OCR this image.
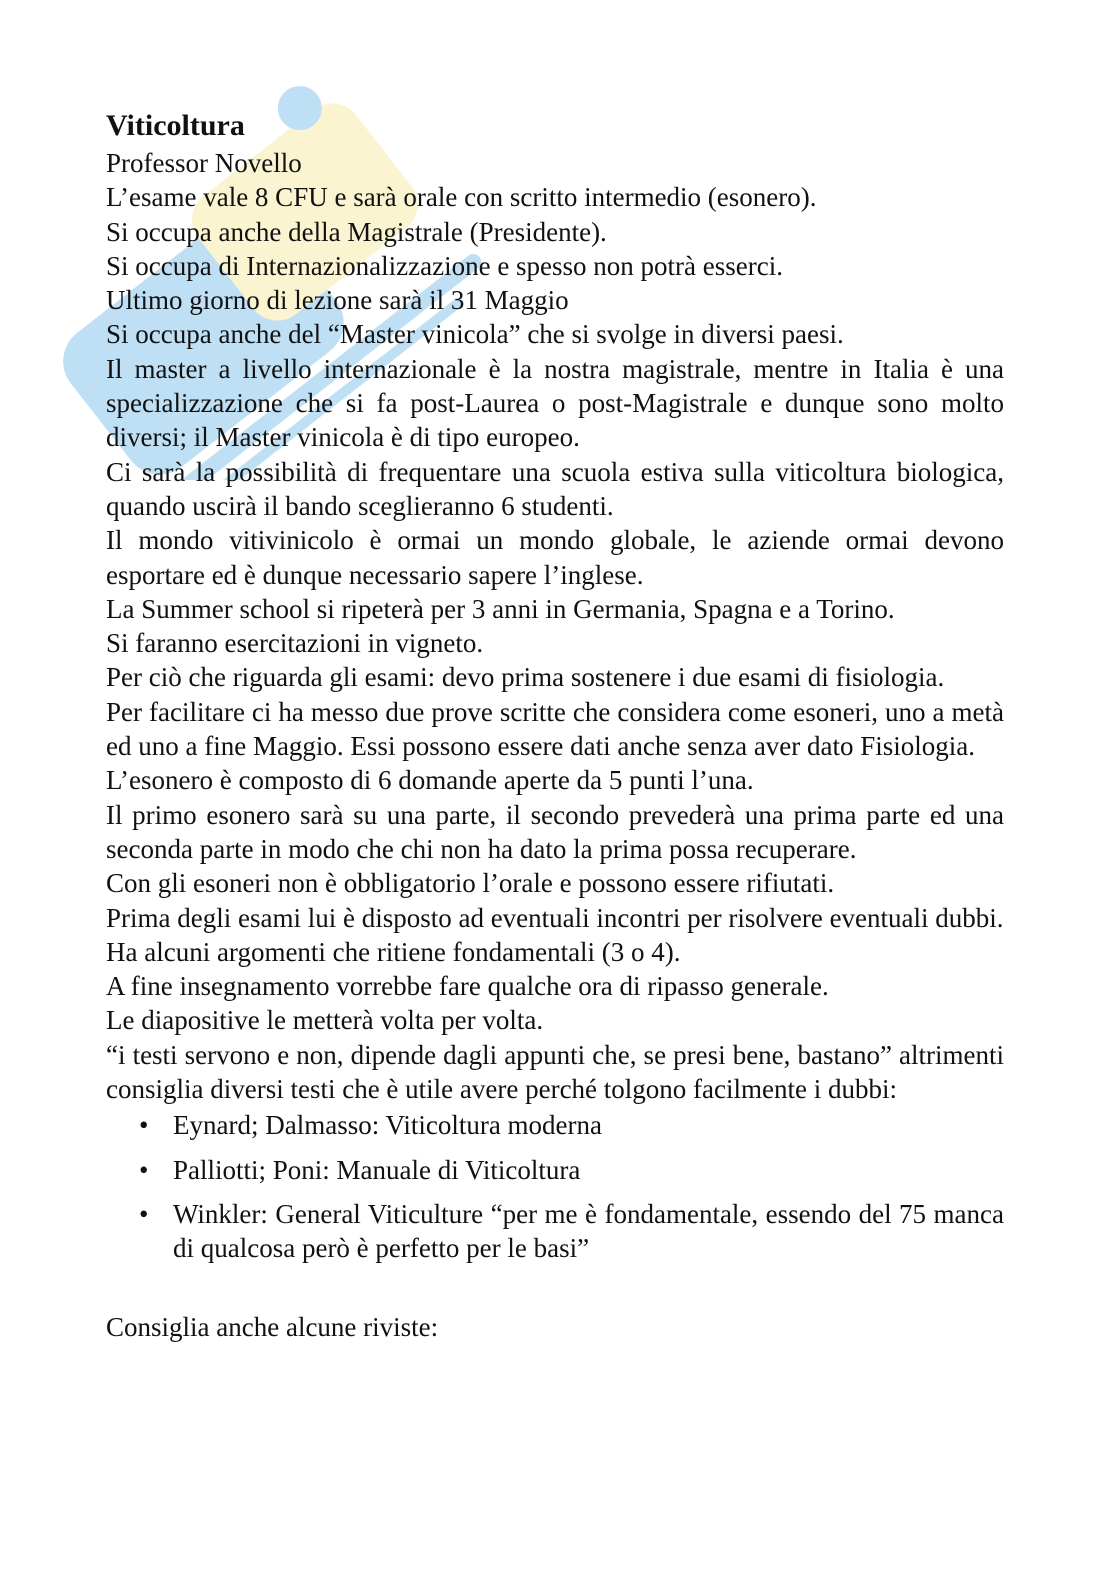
Viticoltura

Professor Novello

L’esame vale 8 CFU e sarà orale con scritto intermedio (esonero).

Si occupa anche della Magistrale (Presidente).

Si occupa di Internazionalizzazione e spesso non potrà esserci.

Ultimo giorno di lezione sarà il 31 Maggio

Si occupa anche del “Master vinicola” che si svolge in diversi paesi.

Il master a livello internazionale è la nostra magistrale, mentre in Italia è una specializzazione che si fa post-Laurea o post-Magistrale e dunque sono molto diversi; il Master vinicola è di tipo europeo.

Ci sarà la possibilità di frequentare una scuola estiva sulla viticoltura biologica, quando uscirà il bando sceglieranno 6 studenti.

Il mondo vitivinicolo è ormai un mondo globale, le aziende ormai devono esportare ed è dunque necessario sapere l’inglese.

La Summer school si ripeterà per 3 anni in Germania, Spagna e a Torino.

Si faranno esercitazioni in vigneto.

Per ciò che riguarda gli esami: devo prima sostenere i due esami di fisiologia.

Per facilitare ci ha messo due prove scritte che considera come esoneri, uno a metà ed uno a fine Maggio. Essi possono essere dati anche senza aver dato Fisiologia.

L’esonero è composto di 6 domande aperte da 5 punti l’una.

Il primo esonero sarà su una parte, il secondo prevederà una prima parte ed una seconda parte in modo che chi non ha dato la prima possa recuperare.

Con gli esoneri non è obbligatorio l’orale e possono essere rifiutati.

Prima degli esami lui è disposto ad eventuali incontri per risolvere eventuali dubbi.

Ha alcuni argomenti che ritiene fondamentali (3 o 4).

A fine insegnamento vorrebbe fare qualche ora di ripasso generale.

Le diapositive le metterà volta per volta.

“i testi servono e non, dipende dagli appunti che, se presi bene, bastano” altrimenti consiglia diversi testi che è utile avere perché tolgono facilmente i dubbi:

• Eynard; Dalmasso: Viticoltura moderna
• Palliotti; Poni: Manuale di Viticoltura
• Winkler: General Viticulture “per me è fondamentale, essendo del 75 manca di qualcosa però è perfetto per le basi”

Consiglia anche alcune riviste:
